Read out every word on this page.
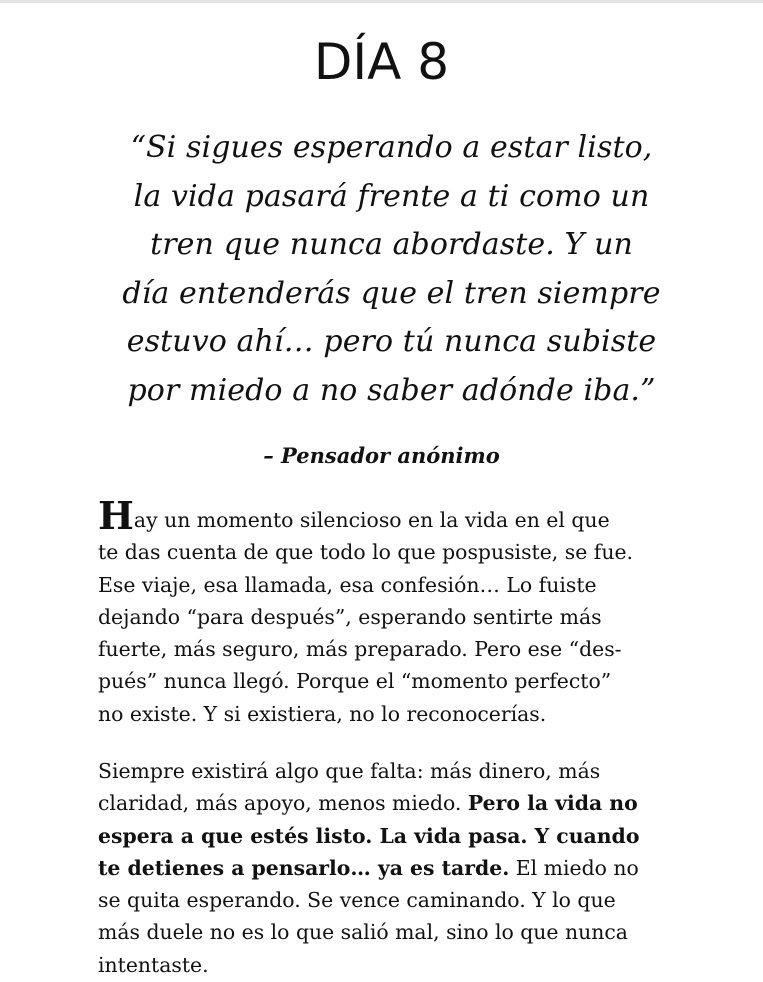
DÍA 8

“Si sigues esperando a estar listo,
la vida pasará frente a ti como un
tren que nunca abordaste. Y un
día entenderás que el tren siempre
estuvo ahí… pero tú nunca subiste
por miedo a no saber adónde iba.”

– Pensador anónimo

Hay un momento silencioso en la vida en el que
te das cuenta de que todo lo que pospusiste, se fue.
Ese viaje, esa llamada, esa confesión… Lo fuiste
dejando “para después”, esperando sentirte más
fuerte, más seguro, más preparado. Pero ese “des-
pués” nunca llegó. Porque el “momento perfecto”
no existe. Y si existiera, no lo reconocerías.

Siempre existirá algo que falta: más dinero, más
claridad, más apoyo, menos miedo. Pero la vida no
espera a que estés listo. La vida pasa. Y cuando
te detienes a pensarlo… ya es tarde. El miedo no
se quita esperando. Se vence caminando. Y lo que
más duele no es lo que salió mal, sino lo que nunca
intentaste.
